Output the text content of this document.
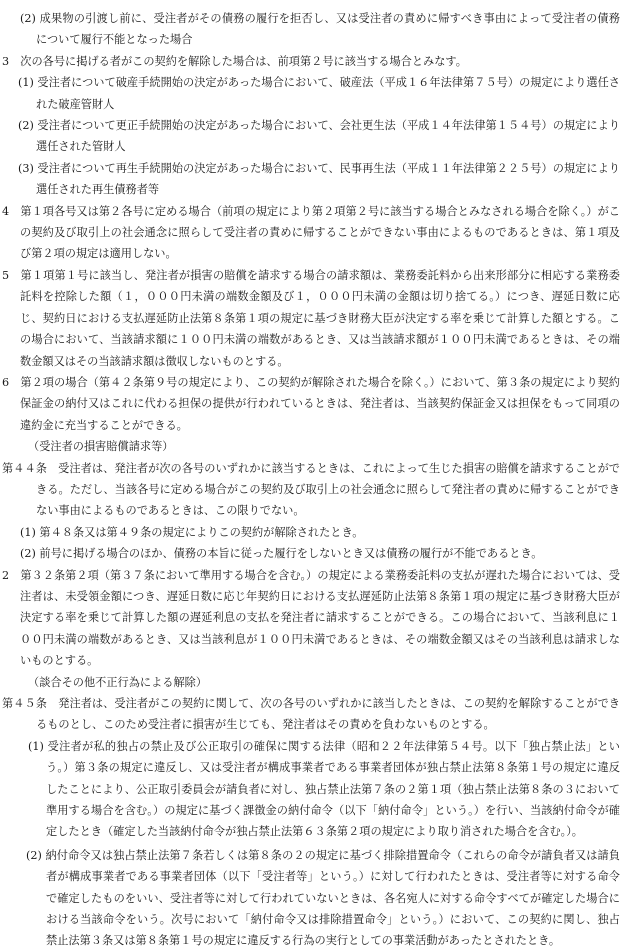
(2) 成果物の引渡し前に、受注者がその債務の履行を拒否し、又は受注者の責めに帰すべき事由によって受注者の債務について履行不能となった場合

3　次の各号に掲げる者がこの契約を解除した場合は、前項第２号に該当する場合とみなす。

(1) 受注者について破産手続開始の決定があった場合において、破産法（平成１６年法律第７５号）の規定により選任された破産管財人

(2) 受注者について更正手続開始の決定があった場合において、会社更生法（平成１４年法律第１５４号）の規定により選任された管財人

(3) 受注者について再生手続開始の決定があった場合において、民事再生法（平成１１年法律第２２５号）の規定により選任された再生債務者等

4　第１項各号又は第２各号に定める場合（前項の規定により第２項第２号に該当する場合とみなされる場合を除く。）がこの契約及び取引上の社会通念に照らして受注者の責めに帰することができない事由によるものであるときは、第１項及び第２項の規定は適用しない。

5　第１項第１号に該当し、発注者が損害の賠償を請求する場合の請求額は、業務委託料から出来形部分に相応する業務委託料を控除した額（１，０００円未満の端数金額及び１，０００円未満の金額は切り捨てる。）につき、遅延日数に応じ、契約日における支払遅延防止法第８条第１項の規定に基づき財務大臣が決定する率を乗じて計算した額とする。この場合において、当該請求額に１００円未満の端数があるとき、又は当該請求額が１００円未満であるときは、その端数金額又はその当該請求額は徴収しないものとする。

6　第２項の場合（第４２条第９号の規定により、この契約が解除された場合を除く。）において、第３条の規定により契約保証金の納付又はこれに代わる担保の提供が行われているときは、発注者は、当該契約保証金又は担保をもって同項の違約金に充当することができる。

（受注者の損害賠償請求等）

第４４条　受注者は、発注者が次の各号のいずれかに該当するときは、これによって生じた損害の賠償を請求することができる。ただし、当該各号に定める場合がこの契約及び取引上の社会通念に照らして発注者の責めに帰することができない事由によるものであるときは、この限りでない。

(1) 第４８条又は第４９条の規定によりこの契約が解除されたとき。

(2) 前号に掲げる場合のほか、債務の本旨に従った履行をしないとき又は債務の履行が不能であるとき。

2　第３２条第２項（第３７条において準用する場合を含む。）の規定による業務委託料の支払が遅れた場合においては、受注者は、未受領金額につき、遅延日数に応じ年契約日における支払遅延防止法第８条第１項の規定に基づき財務大臣が決定する率を乗じて計算した額の遅延利息の支払を発注者に請求することができる。この場合において、当該利息に１００円未満の端数があるとき、又は当該利息が１００円未満であるときは、その端数金額又はその当該利息は請求しないものとする。

（談合その他不正行為による解除）

第４５条　発注者は、受注者がこの契約に関して、次の各号のいずれかに該当したときは、この契約を解除することができるものとし、このため受注者に損害が生じても、発注者はその責めを負わないものとする。

(1) 受注者が私的独占の禁止及び公正取引の確保に関する法律（昭和２２年法律第５４号。以下「独占禁止法」という。）第３条の規定に違反し、又は受注者が構成事業者である事業者団体が独占禁止法第８条第１号の規定に違反したことにより、公正取引委員会が請負者に対し、独占禁止法第７条の２第１項（独占禁止法第８条の３において準用する場合を含む。）の規定に基づく課徴金の納付命令（以下「納付命令」という。）を行い、当該納付命令が確定したとき（確定した当該納付命令が独占禁止法第６３条第２項の規定により取り消された場合を含む。）。

(2) 納付命令又は独占禁止法第７条若しくは第８条の２の規定に基づく排除措置命令（これらの命令が請負者又は請負者が構成事業者である事業者団体（以下「受注者等」という。）に対して行われたときは、受注者等に対する命令で確定したものをいい、受注者等に対して行われていないときは、各名宛人に対する命令すべてが確定した場合における当該命令をいう。次号において「納付命令又は排除措置命令」という。）において、この契約に関し、独占禁止法第３条又は第８条第１号の規定に違反する行為の実行としての事業活動があったとされたとき。
